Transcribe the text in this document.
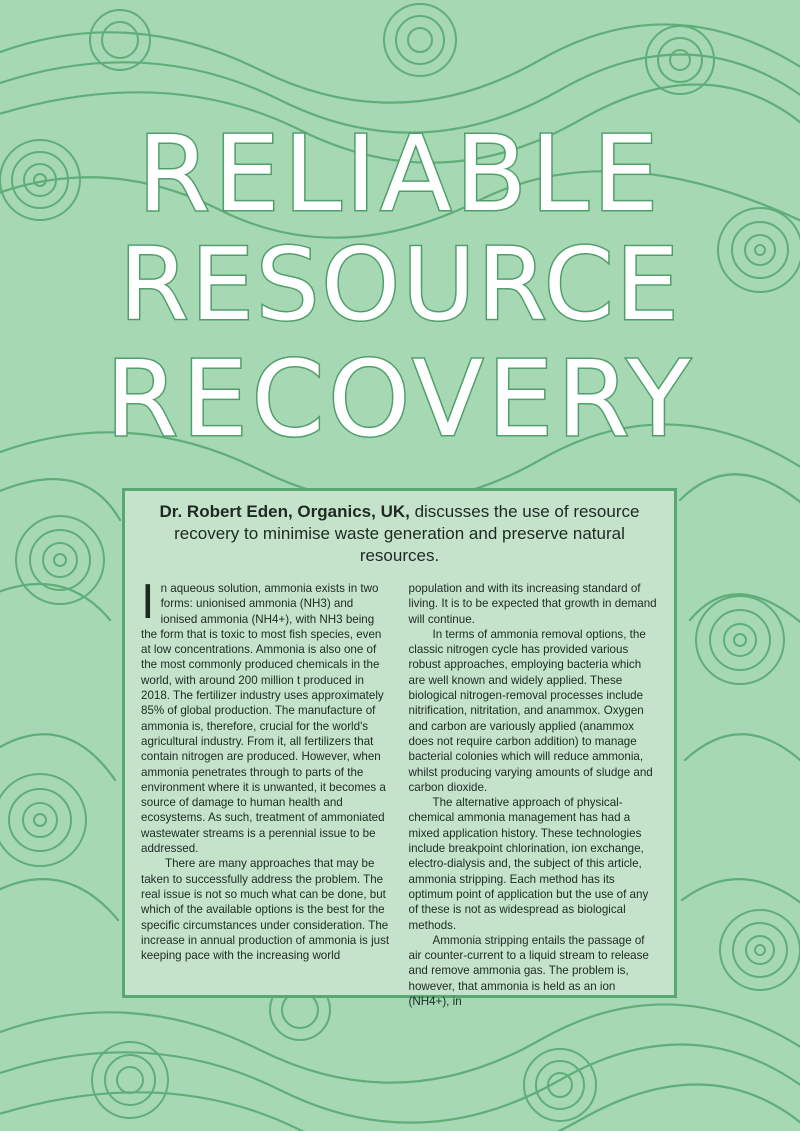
RELIABLE
RESOURCE
RECOVERY

Dr. Robert Eden, Organics, UK, discusses the use of resource recovery to minimise waste generation and preserve natural resources.

In aqueous solution, ammonia exists in two forms: unionised ammonia (NH3) and ionised ammonia (NH4+), with NH3 being the form that is toxic to most fish species, even at low concentrations. Ammonia is also one of the most commonly produced chemicals in the world, with around 200 million t produced in 2018. The fertilizer industry uses approximately 85% of global production. The manufacture of ammonia is, therefore, crucial for the world's agricultural industry. From it, all fertilizers that contain nitrogen are produced. However, when ammonia penetrates through to parts of the environment where it is unwanted, it becomes a source of damage to human health and ecosystems. As such, treatment of ammoniated wastewater streams is a perennial issue to be addressed.

There are many approaches that may be taken to successfully address the problem. The real issue is not so much what can be done, but which of the available options is the best for the specific circumstances under consideration. The increase in annual production of ammonia is just keeping pace with the increasing world

population and with its increasing standard of living. It is to be expected that growth in demand will continue.

In terms of ammonia removal options, the classic nitrogen cycle has provided various robust approaches, employing bacteria which are well known and widely applied. These biological nitrogen-removal processes include nitrification, nitritation, and anammox. Oxygen and carbon are variously applied (anammox does not require carbon addition) to manage bacterial colonies which will reduce ammonia, whilst producing varying amounts of sludge and carbon dioxide.

The alternative approach of physical-chemical ammonia management has had a mixed application history. These technologies include breakpoint chlorination, ion exchange, electro-dialysis and, the subject of this article, ammonia stripping. Each method has its optimum point of application but the use of any of these is not as widespread as biological methods.

Ammonia stripping entails the passage of air counter-current to a liquid stream to release and remove ammonia gas. The problem is, however, that ammonia is held as an ion (NH4+), in
